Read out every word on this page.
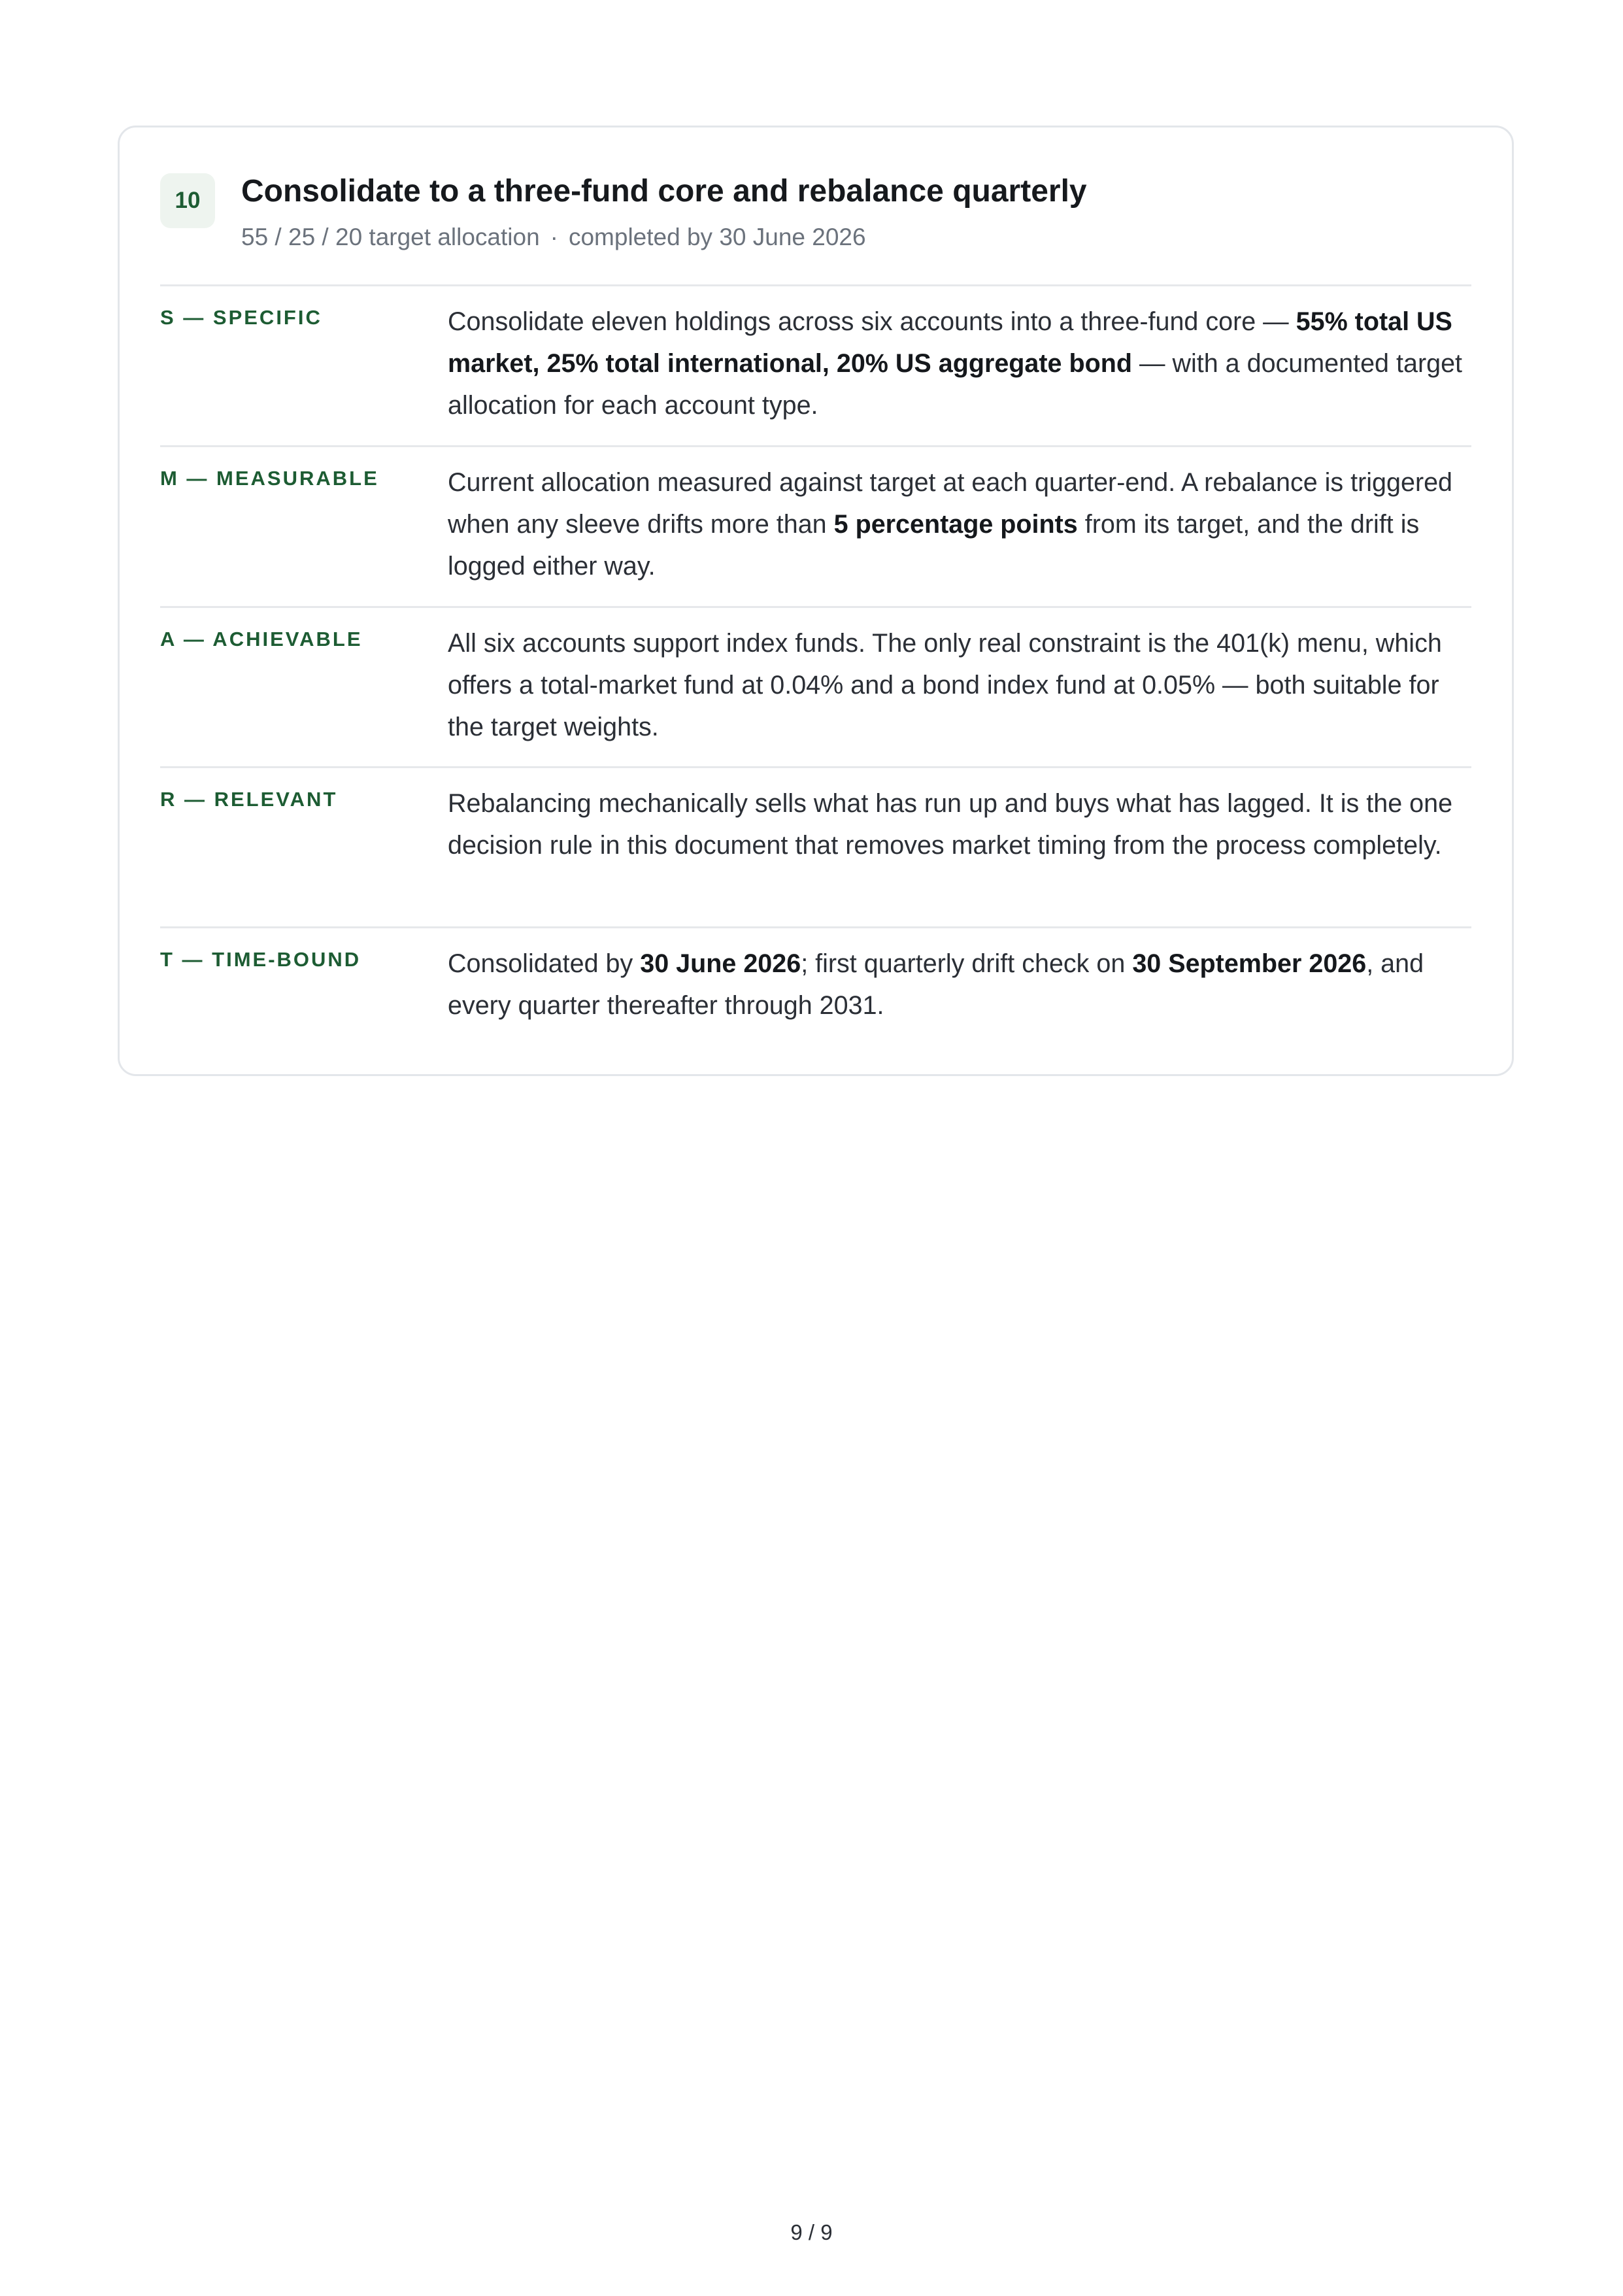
10	Consolidate to a three-fund core and rebalance quarterly
55 / 25 / 20 target allocation · completed by 30 June 2026
S — SPECIFIC	Consolidate eleven holdings across six accounts into a three-fund core — 55% total US market, 25% total international, 20% US aggregate bond — with a documented target allocation for each account type.
M — MEASURABLE	Current allocation measured against target at each quarter-end. A rebalance is triggered when any sleeve drifts more than 5 percentage points from its target, and the drift is logged either way.
A — ACHIEVABLE	All six accounts support index funds. The only real constraint is the 401(k) menu, which offers a total-market fund at 0.04% and a bond index fund at 0.05% — both suitable for the target weights.
R — RELEVANT	Rebalancing mechanically sells what has run up and buys what has lagged. It is the one decision rule in this document that removes market timing from the process completely.
T — TIME-BOUND	Consolidated by 30 June 2026; first quarterly drift check on 30 September 2026, and every quarter thereafter through 2031.
9 / 9
